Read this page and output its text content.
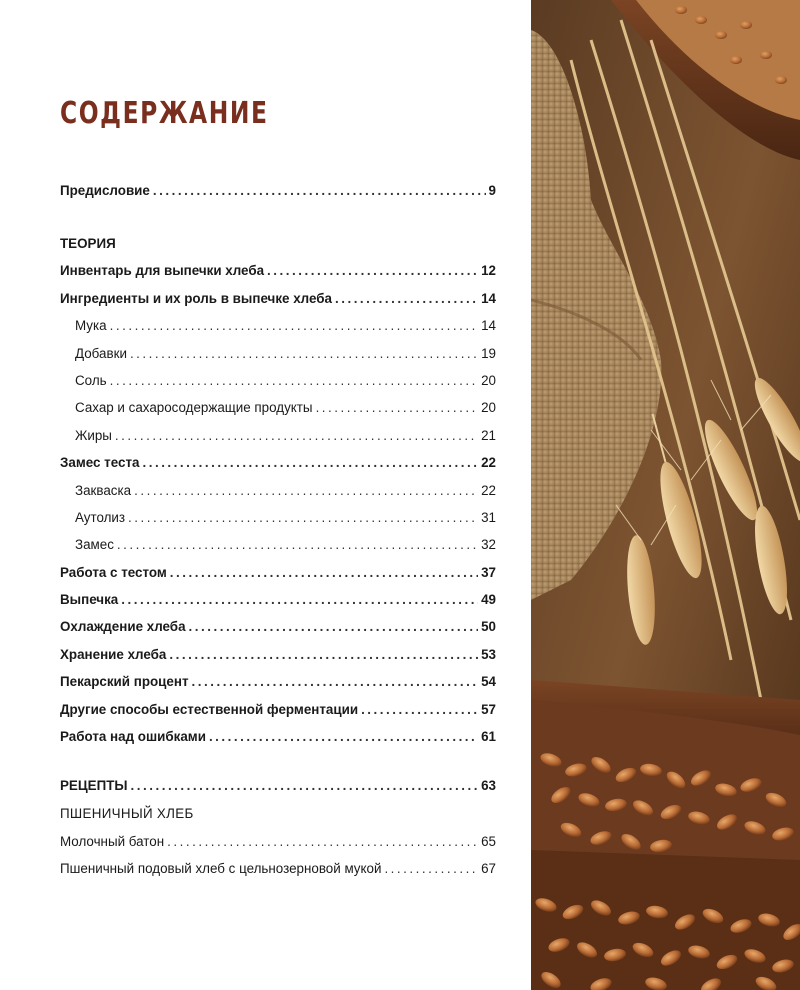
СОДЕРЖАНИЕ
Предисловие . . .	9
ТЕОРИЯ
Инвентарь для выпечки хлеба . . .	12
Ингредиенты и их роль в выпечке хлеба . . .	14
Мука . . .	14
Добавки . . .	19
Соль . . .	20
Сахар и сахаросодержащие продукты . . .	20
Жиры . . .	21
Замес теста . . .	22
Закваска . . .	22
Аутолиз . . .	31
Замес . . .	32
Работа с тестом . . .	37
Выпечка . . .	49
Охлаждение хлеба . . .	50
Хранение хлеба . . .	53
Пекарский процент . . .	54
Другие способы естественной ферментации . . .	57
Работа над ошибками . . .	61
РЕЦЕПТЫ . . .	63
ПШЕНИЧНЫЙ ХЛЕБ
Молочный батон . . .	65
Пшеничный подовый хлеб с цельнозерновой мукой . . .	67
